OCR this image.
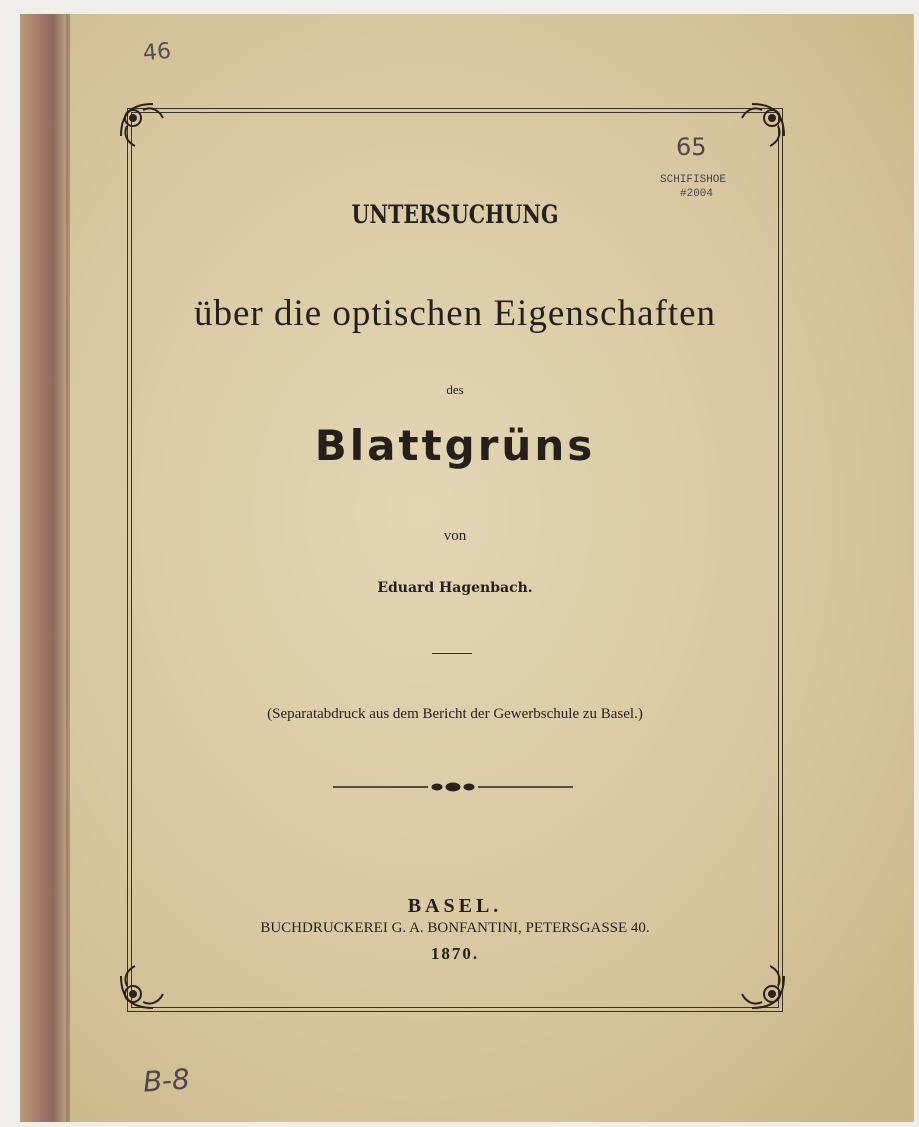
UNTERSUCHUNG
über die optischen Eigenschaften
des
Blattgrüns
von
Eduard Hagenbach.
(Separatabdruck aus dem Bericht der Gewerbschule zu Basel.)
BASEL.
BUCHDRUCKEREI G. A. BONFANTINI, PETERSGASSE 40.
1870.
46
65
SCHIFISHOE
#2004
B-8
